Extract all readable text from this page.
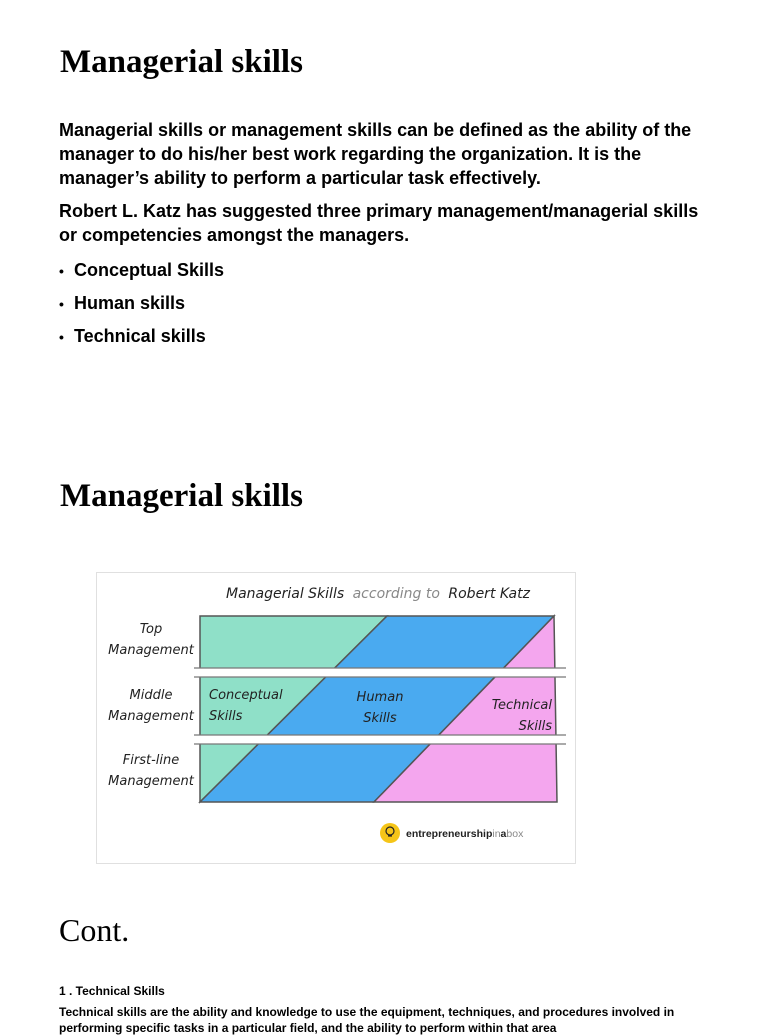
Managerial skills

Managerial skills or management skills can be defined as the ability of the manager to do his/her best work regarding the organization. It is the manager’s ability to perform a particular task effectively.

Robert L. Katz has suggested three primary management/managerial skills or competencies amongst the managers.

• Conceptual Skills
• Human skills
• Technical skills
Managerial skills
Managerial Skills according to Robert Katz
Top Management
Middle Management
First-line Management
Conceptual Skills
Human Skills
Technical Skills
entrepreneurshipinabox
Cont.
1 . Technical Skills
Technical skills are the ability and knowledge to use the equipment, techniques, and procedures involved in performing specific tasks in a particular field, and the ability to perform within that area
